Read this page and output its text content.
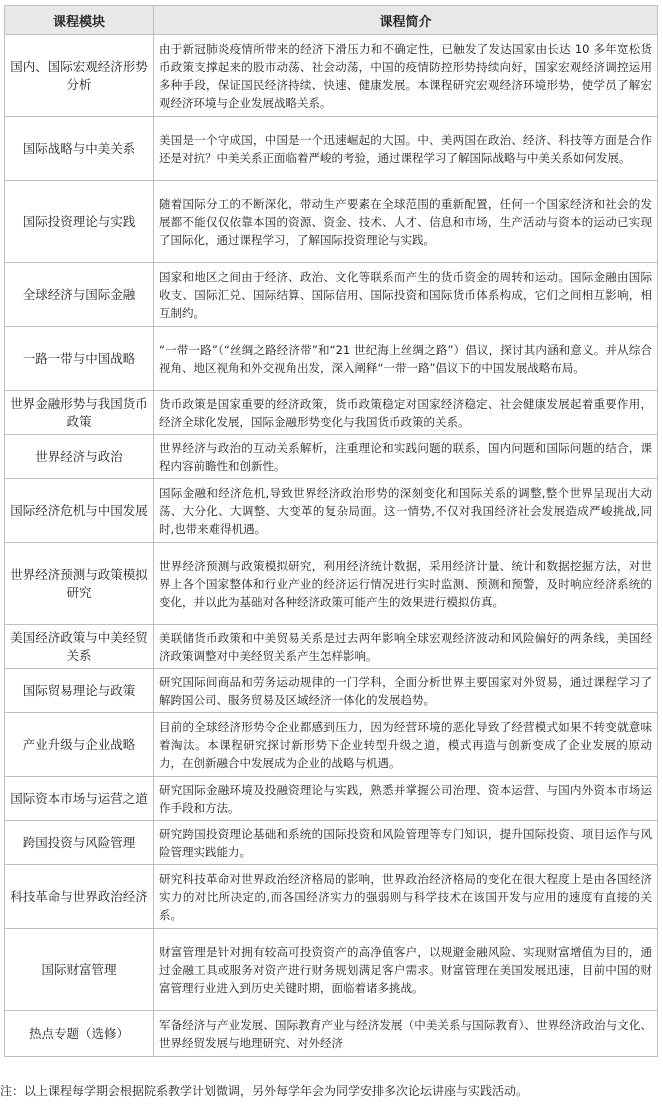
课程模块	课程简介
国内、国际宏观经济形势分析	由于新冠肺炎疫情所带来的经济下滑压力和不确定性，已触发了发达国家由长达 10 多年宽松货币政策支撑起来的股市动荡、社会动荡，中国的疫情防控形势持续向好，国家宏观经济调控运用多种手段，保证国民经济持续、快速、健康发展。本课程研究宏观经济环境形势，使学员了解宏观经济环境与企业发展战略关系。
国际战略与中美关系	美国是一个守成国，中国是一个迅速崛起的大国。中、美两国在政治、经济、科技等方面是合作还是对抗？中美关系正面临着严峻的考验，通过课程学习了解国际战略与中美关系如何发展。
国际投资理论与实践	随着国际分工的不断深化，带动生产要素在全球范围的重新配置，任何一个国家经济和社会的发展都不能仅仅依靠本国的资源、资金、技术、人才、信息和市场，生产活动与资本的运动已实现了国际化，通过课程学习，了解国际投资理论与实践。
全球经济与国际金融	国家和地区之间由于经济、政治、文化等联系而产生的货币资金的周转和运动。国际金融由国际收支、国际汇兑、国际结算、国际信用、国际投资和国际货币体系构成，它们之间相互影响，相互制约。
一路一带与中国战略	“一带一路”（“丝绸之路经济带”和“21 世纪海上丝绸之路”）倡议，探讨其内涵和意义。并从综合视角、地区视角和外交视角出发，深入阐释“一带一路”倡议下的中国发展战略布局。
世界金融形势与我国货币政策	货币政策是国家重要的经济政策，货币政策稳定对国家经济稳定、社会健康发展起着重要作用，经济全球化发展，国际金融形势变化与我国货币政策的关系。
世界经济与政治	世界经济与政治的互动关系解析，注重理论和实践问题的联系，国内问题和国际问题的结合，课程内容前瞻性和创新性。
国际经济危机与中国发展	国际金融和经济危机,导致世界经济政治形势的深刻变化和国际关系的调整,整个世界呈现出大动荡、大分化、大调整、大变革的复杂局面。这一情势,不仅对我国经济社会发展造成严峻挑战,同时,也带来难得机遇。
世界经济预测与政策模拟研究	世界经济预测与政策模拟研究，利用经济统计数据，采用经济计量、统计和数据挖掘方法，对世界上各个国家整体和行业产业的经济运行情况进行实时监测、预测和预警，及时响应经济系统的变化，并以此为基础对各种经济政策可能产生的效果进行模拟仿真。
美国经济政策与中美经贸关系	美联储货币政策和中美贸易关系是过去两年影响全球宏观经济波动和风险偏好的两条线，美国经济政策调整对中美经贸关系产生怎样影响。
国际贸易理论与政策	研究国际间商品和劳务运动规律的一门学科，全面分析世界主要国家对外贸易，通过课程学习了解跨国公司、服务贸易及区域经济一体化的发展趋势。
产业升级与企业战略	目前的全球经济形势令企业都感到压力，因为经营环境的恶化导致了经营模式如果不转变就意味着淘汰。本课程研究探讨新形势下企业转型升级之道，模式再造与创新变成了企业发展的原动力，在创新融合中发展成为企业的战略与机遇。
国际资本市场与运营之道	研究国际金融环境及投融资理论与实践，熟悉并掌握公司治理、资本运营、与国内外资本市场运作手段和方法。
跨国投资与风险管理	研究跨国投资理论基础和系统的国际投资和风险管理等专门知识，提升国际投资、项目运作与风险管理实践能力。
科技革命与世界政治经济	研究科技革命对世界政治经济格局的影响，世界政治经济格局的变化在很大程度上是由各国经济实力的对比所决定的,而各国经济实力的强弱则与科学技术在该国开发与应用的速度有直接的关系。
国际财富管理	财富管理是针对拥有较高可投资资产的高净值客户，以规避金融风险、实现财富增值为目的，通过金融工具或服务对资产进行财务规划满足客户需求。财富管理在美国发展迅速，目前中国的财富管理行业进入到历史关键时期，面临着诸多挑战。
热点专题（选修）	军备经济与产业发展、国际教育产业与经济发展（中美关系与国际教育）、世界经济政治与文化、世界经贸发展与地理研究、对外经济
注：以上课程每学期会根据院系教学计划微调，另外每学年会为同学安排多次论坛讲座与实践活动。
